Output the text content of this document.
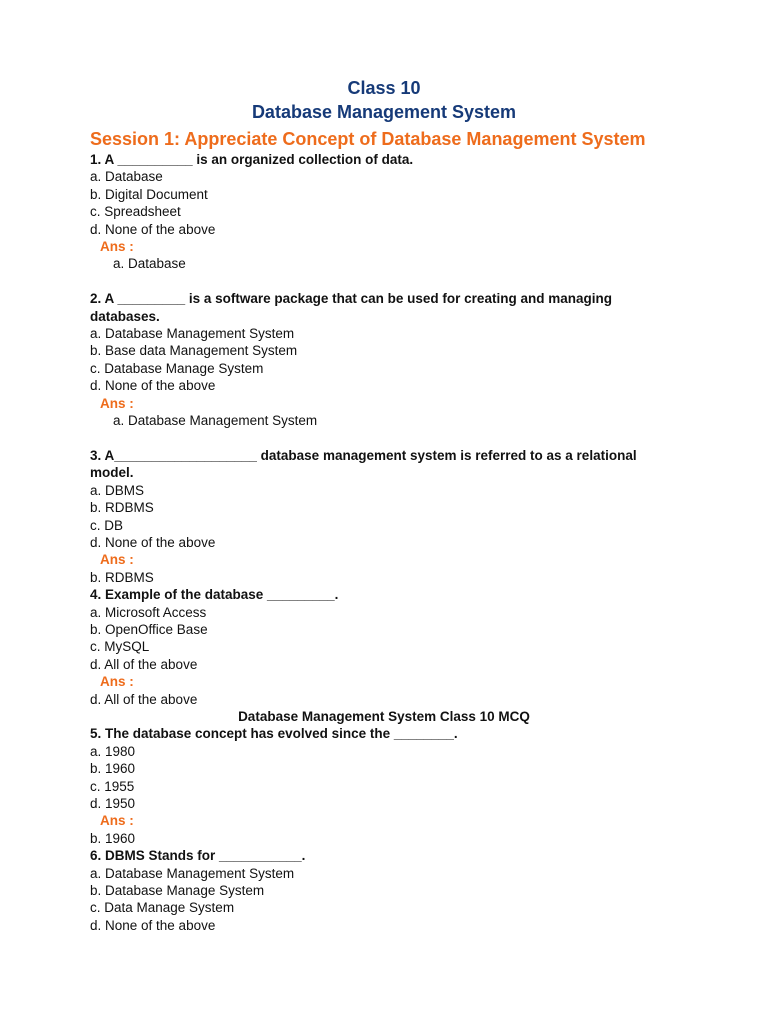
Class 10
Database Management System
Session 1: Appreciate Concept of Database Management System
1. A __________ is an organized collection of data.
a. Database
b. Digital Document
c. Spreadsheet
d. None of the above
Ans :
a. Database
2. A _________ is a software package that can be used for creating and managing databases.
a. Database Management System
b. Base data Management System
c. Database Manage System
d. None of the above
Ans :
a. Database Management System
3. A___________________ database management system is referred to as a relational model.
a. DBMS
b. RDBMS
c. DB
d. None of the above
Ans :
b. RDBMS
4. Example of the database _________.
a. Microsoft Access
b. OpenOffice Base
c. MySQL
d. All of the above
Ans :
d. All of the above
Database Management System Class 10 MCQ
5. The database concept has evolved since the ________.
a. 1980
b. 1960
c. 1955
d. 1950
Ans :
b. 1960
6. DBMS Stands for ___________.
a. Database Management System
b. Database Manage System
c. Data Manage System
d. None of the above
